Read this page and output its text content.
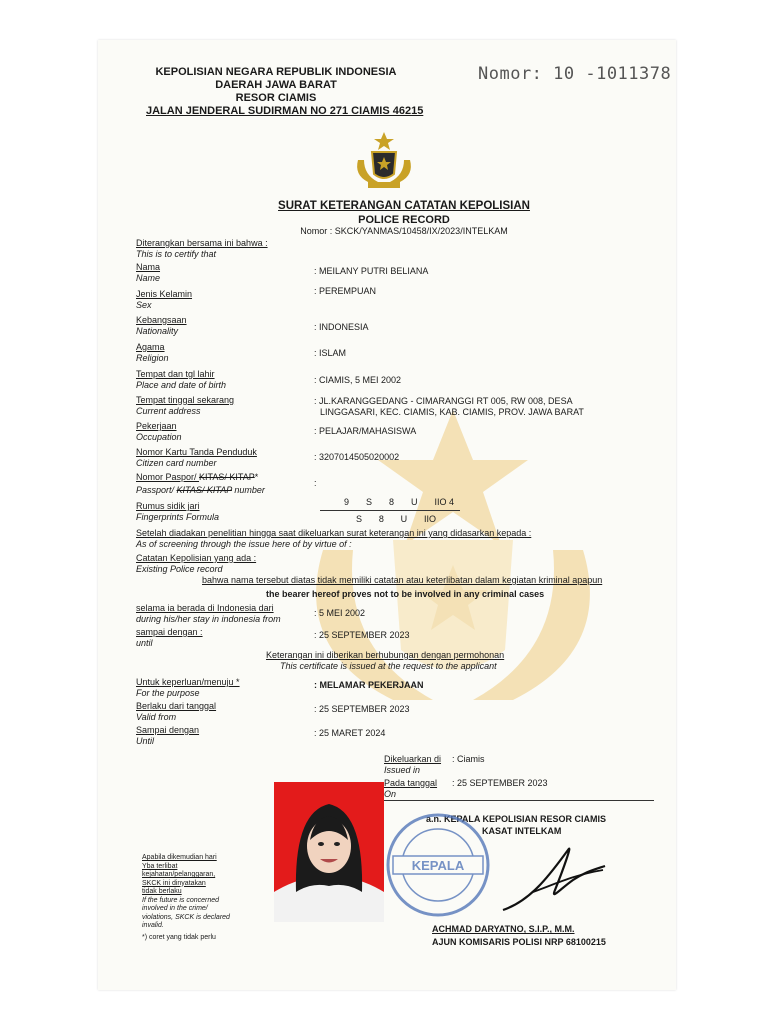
KEPOLISIAN NEGARA REPUBLIK INDONESIA
DAERAH JAWA BARAT
RESOR CIAMIS
JALAN JENDERAL SUDIRMAN NO 271 CIAMIS 46215
Nomor: 10 -1011378
SURAT KETERANGAN CATATAN KEPOLISIAN
POLICE RECORD
Nomor : SKCK/YANMAS/10458/IX/2023/INTELKAM
Diterangkan bersama ini bahwa :
This is to certify that
Nama
Name
: MEILANY PUTRI BELIANA
Jenis Kelamin
Sex
: PEREMPUAN
Kebangsaan
Nationality	: INDONESIA
Agama
Religion	: ISLAM
Tempat dan tgl lahir
Place and date of birth	: CIAMIS, 5 MEI 2002
Tempat tinggal sekarang
Current address
: JL.KARANGGEDANG - CIMARANGGI RT 005, RW 008, DESA
LINGGASARI, KEC. CIAMIS, KAB. CIAMIS, PROV. JAWA BARAT
Pekerjaan
Occupation
: PELAJAR/MAHASISWA
Nomor Kartu Tanda Penduduk
Citizen card number
: 3207014505020002
Nomor Paspor/ KITAS/ KITAP*
Passport/ KITAS/ KITAP number
:
Rumus sidik jari
Fingerprints Formula
9 S 8 U IIO 4
S 8 U IIO
Setelah diadakan penelitian hingga saat dikeluarkan surat keterangan ini yang didasarkan kepada :
As of screening through the issue here of by virtue of :
Catatan Kepolisian yang ada :
Existing Police record
bahwa nama tersebut diatas tidak memiliki catatan atau keterlibatan dalam kegiatan kriminal apapun
the bearer hereof proves not to be involved in any criminal cases
selama ia berada di Indonesia dari
during his/her stay in indonesia from
: 5 MEI 2002
sampai dengan :
until
: 25 SEPTEMBER 2023
Keterangan ini diberikan berhubungan dengan permohonan
This certificate is issued at the request to the applicant
Untuk keperluan/menuju *
For the purpose
: MELAMAR PEKERJAAN
Berlaku dari tanggal
Valid from
: 25 SEPTEMBER 2023
Sampai dengan
Until
: 25 MARET 2024
Dikeluarkan di
Issued in
: Ciamis
Pada tanggal
On
: 25 SEPTEMBER 2023
a.n. KEPALA KEPOLISIAN RESOR CIAMIS
KASAT INTELKAM
KEPALA
ACHMAD DARYATNO, S.I.P., M.M.
AJUN KOMISARIS POLISI NRP 68100215
Apabila dikemudian hari
Yba terlibat
kejahatan/pelanggaran,
SKCK ini dinyatakan
tidak berlaku
If the future is concerned
involved in the crime/
violations, SKCK is declared
invalid.
*) coret yang tidak perlu
